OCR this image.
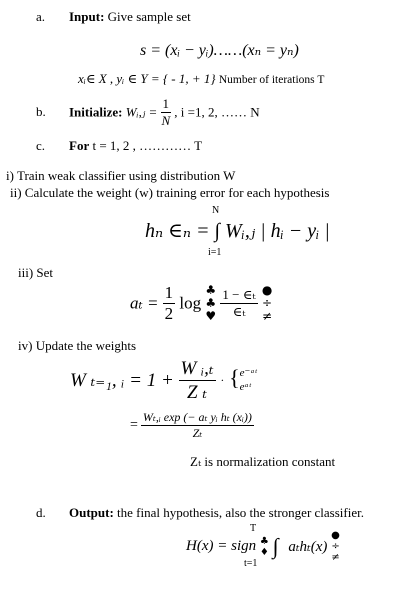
a. Input: Give sample set
s = (xᵢ − yᵢ)……(xₙ = yₙ)
xᵢ∈ X , yᵢ ∈ Y = { - 1, + 1} Number of iterations T
b. Initialize: Wᵢ,ⱼ = $\frac{1}{N}$ , i =1, 2, …… N
c. For t = 1, 2 , ………… T
i) Train weak classifier using distribution W
ii) Calculate the weight (w) training error for each hypothesis
N
hₙ ∈ₙ = ∫ Wᵢ,ⱼ | hᵢ − yᵢ |
i=1
iii) Set
$a_t = \frac{1}{2}$ log ♣
♣
♥ $\frac{\text{1 − ∈ₜ}}{\text{∈ₜ}}$ ●
÷
≠
iv) Update the weights
W ₜ₌₁, ᵢ = $1 + \frac{\text{W ᵢ,ₜ}}{\text{Z ₜ}}$ · { e⁻ᵃᵗ
eᵃᵗ
= $\frac{\text{Wₜ,ᵢ exp (− aₜ yᵢ hₜ (xᵢ))}}{\text{Zₜ}}$
Zₜ is normalization constant
d. Output: the final hypothesis, also the stronger classifier.
T
H(x) = sign ♣
♦ ∫ aₜhₜ(x) ●
÷
≠
t=1
